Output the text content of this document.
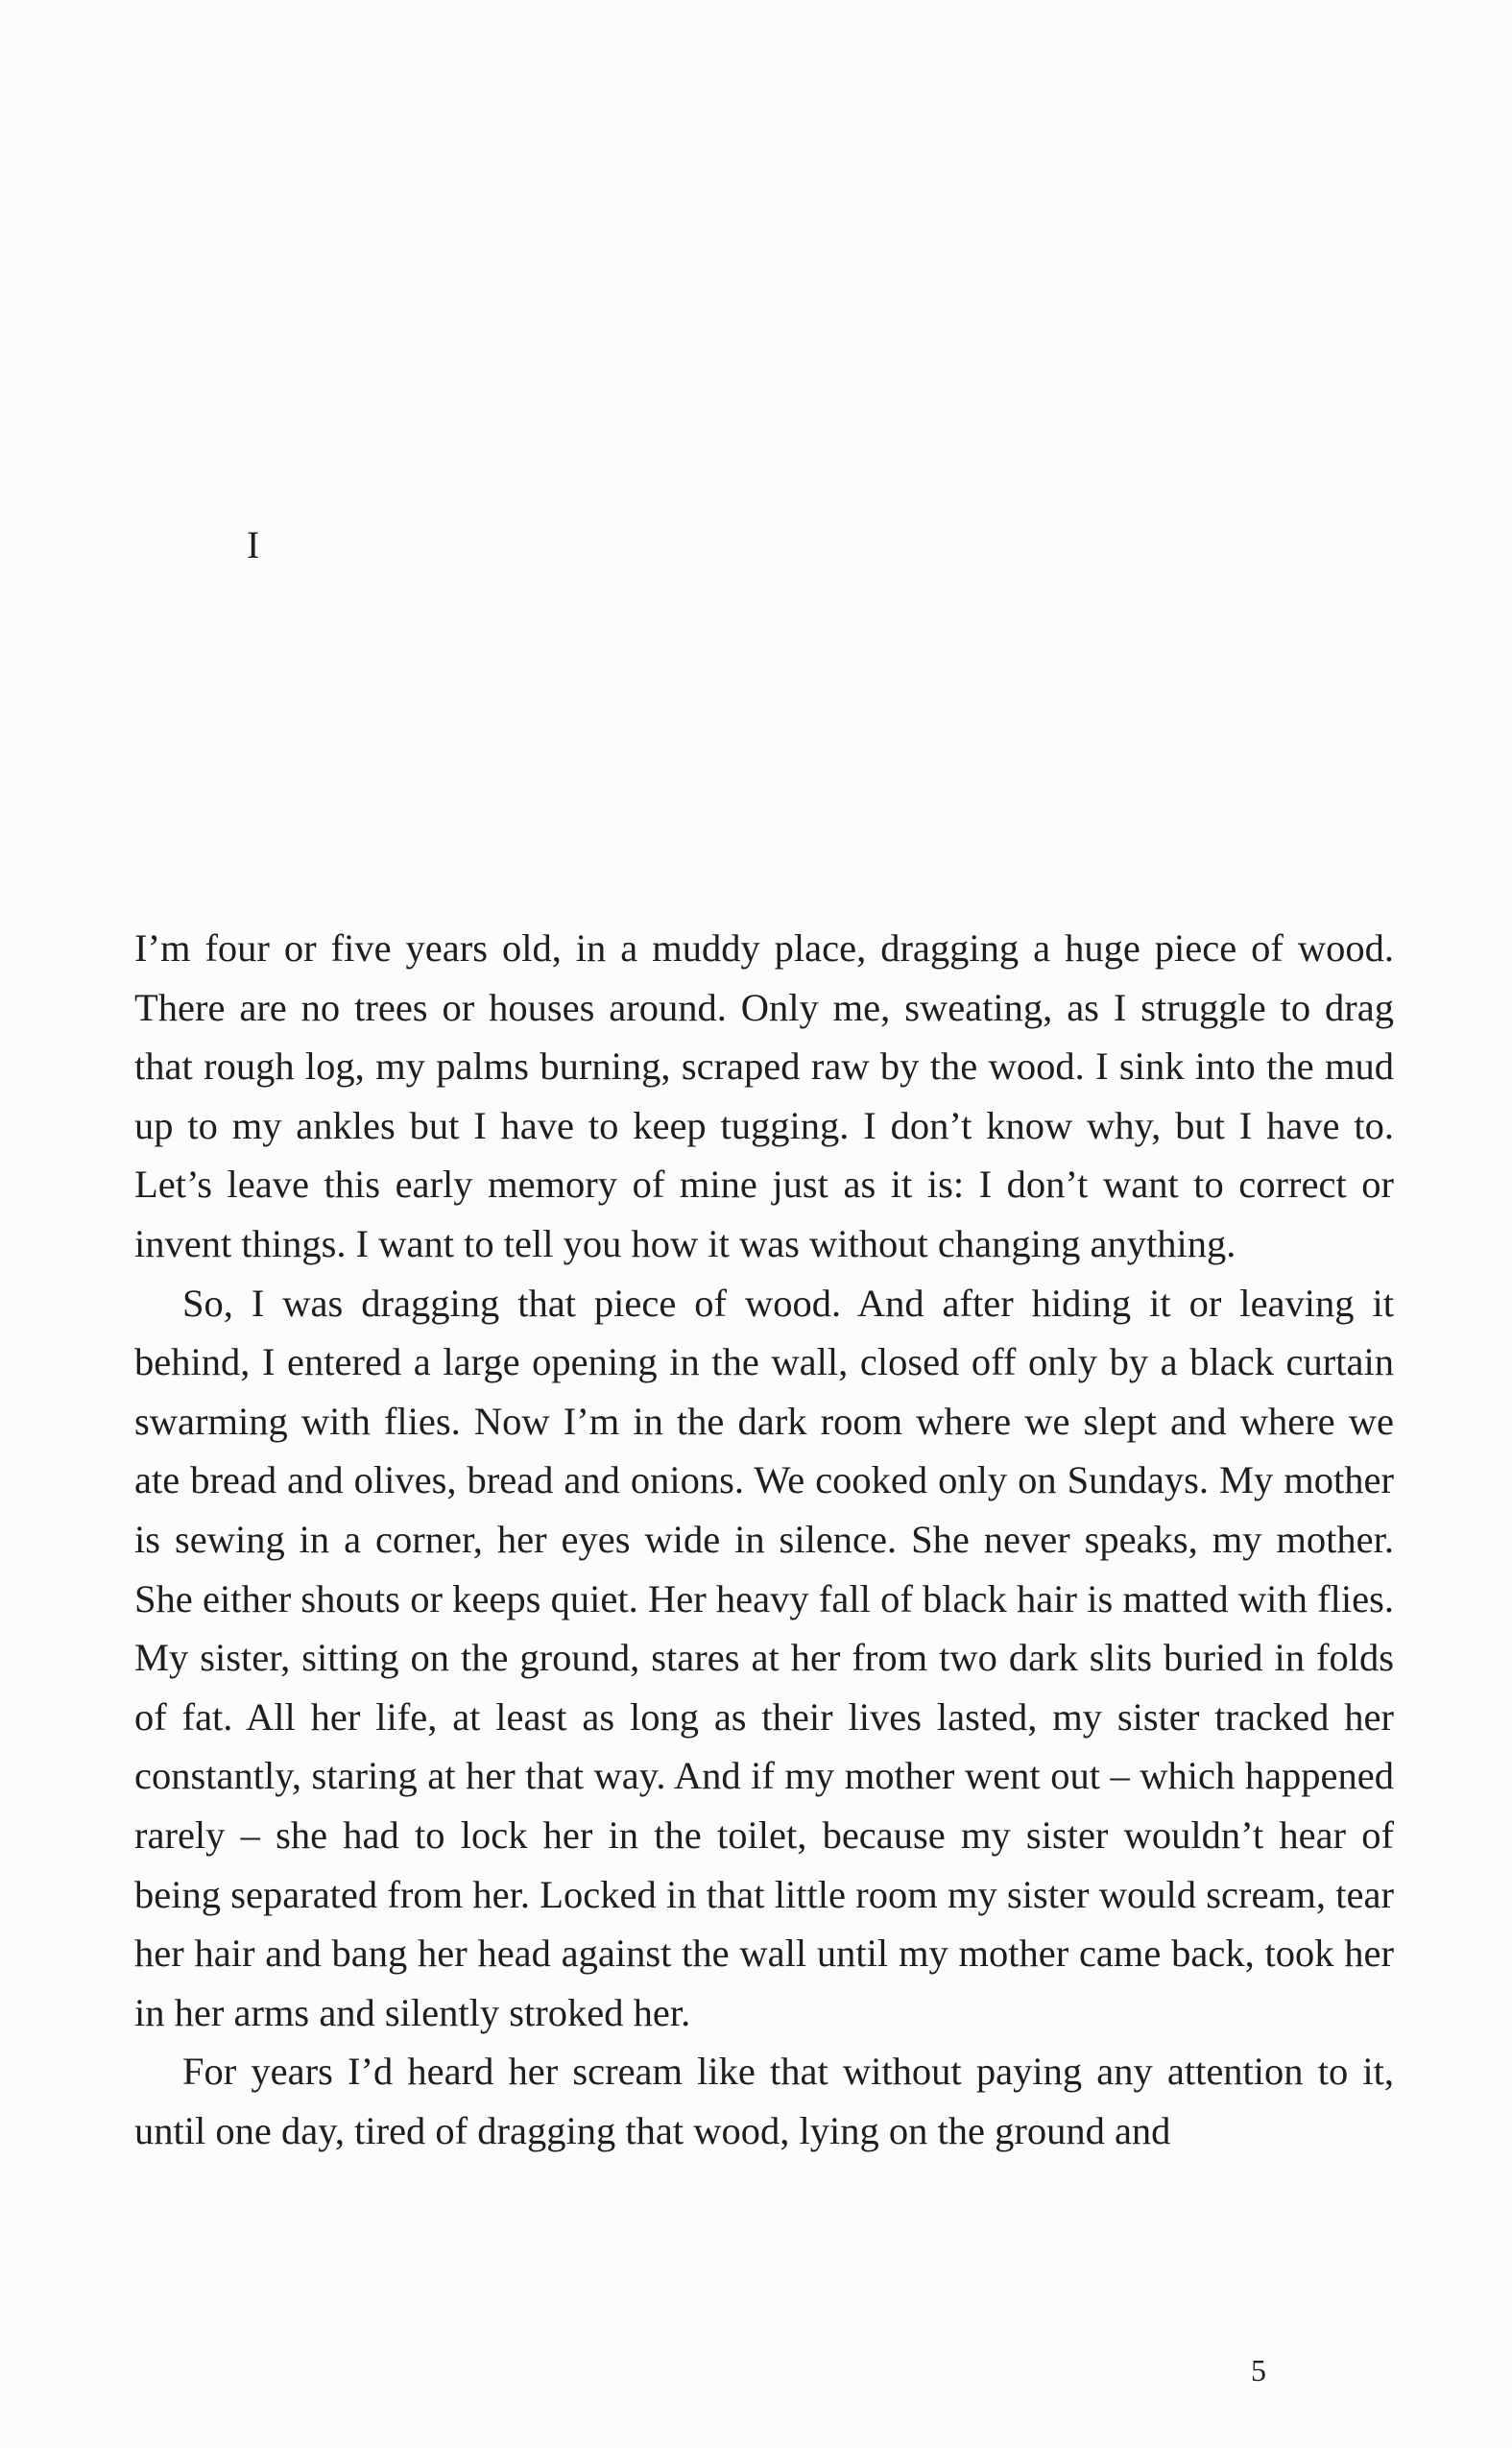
I

I’m four or five years old, in a muddy place, dragging a huge piece of wood. There are no trees or houses around. Only me, sweating, as I struggle to drag that rough log, my palms burning, scraped raw by the wood. I sink into the mud up to my ankles but I have to keep tugging. I don’t know why, but I have to. Let’s leave this early memory of mine just as it is: I don’t want to correct or invent things. I want to tell you how it was without changing anything.

So, I was dragging that piece of wood. And after hiding it or leaving it behind, I entered a large opening in the wall, closed off only by a black curtain swarming with flies. Now I’m in the dark room where we slept and where we ate bread and olives, bread and onions. We cooked only on Sundays. My mother is sewing in a corner, her eyes wide in silence. She never speaks, my mother. She either shouts or keeps quiet. Her heavy fall of black hair is matted with flies. My sister, sitting on the ground, stares at her from two dark slits buried in folds of fat. All her life, at least as long as their lives lasted, my sister tracked her constantly, staring at her that way. And if my mother went out – which happened rarely – she had to lock her in the toilet, because my sister wouldn’t hear of being separated from her. Locked in that little room my sister would scream, tear her hair and bang her head against the wall until my mother came back, took her in her arms and silently stroked her.

For years I’d heard her scream like that without paying any attention to it, until one day, tired of dragging that wood, lying on the ground and

5
